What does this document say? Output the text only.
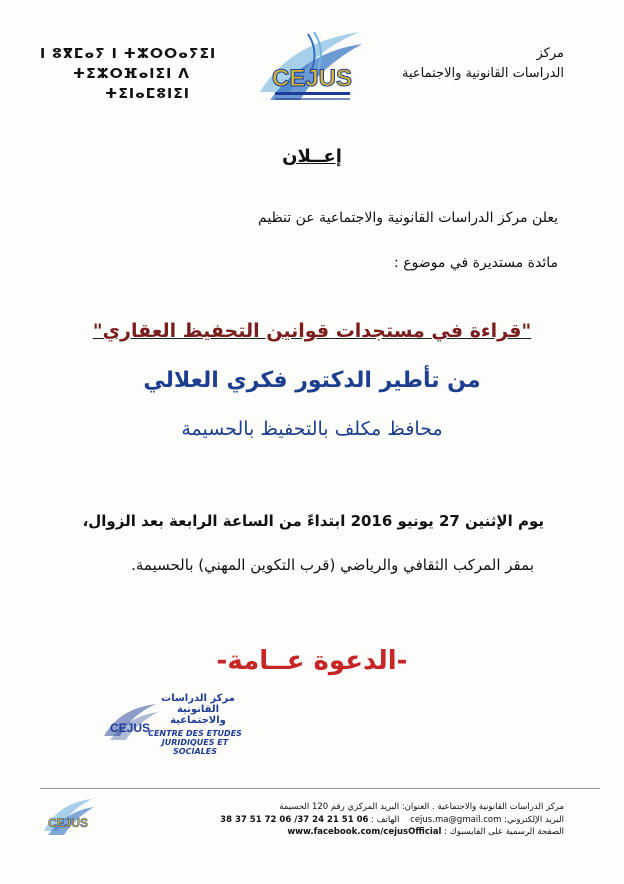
ⵏ ⵓⴳⵎⴰⵢ ⵏ ⵜⵣⵔⵔⴰⵢⵉⵏ
ⵜⵉⵣⵔⴼⴰⵏⵉⵏ ⴷ
ⵜⵉⵏⴰⵎⵓⵏⵉⵏ
CEJUS
مركز
الدراسات القانونية والاجتماعية
إعــلان
يعلن مركز الدراسات القانونية والاجتماعية عن تنظيم
مائدة مستديرة في موضوع :
"قراءة في مستجدات قوانين التحفيظ العقاري"
من تأطير الدكتور فكري العلالي
محافظ مكلف بالتحفيظ بالحسيمة
يوم الإثنين 27 يونيو 2016 ابتداءً من الساعة الرابعة بعد الزوال،
بمقر المركب الثقافي والرياضي (قرب التكوين المهني) بالحسيمة.
-الدعوة عــامة-
CEJUS
مركز الدراسات
القانونية والاجتماعية
CENTRE DES ETUDES
JURIDIQUES ET SOCIALES
CEJUS
مركز الدراسات القانونية والاجتماعية . العنوان: البريد المركزي رقم 120 الحسيمة
البريد الإلكتروني: cejus.ma@gmail.com    الهاتف : 06 51 21 24 37/ 06 72 51 37 38
الصفحة الرسمية على الفايسبوك : www.facebook.com/cejusOfficial
